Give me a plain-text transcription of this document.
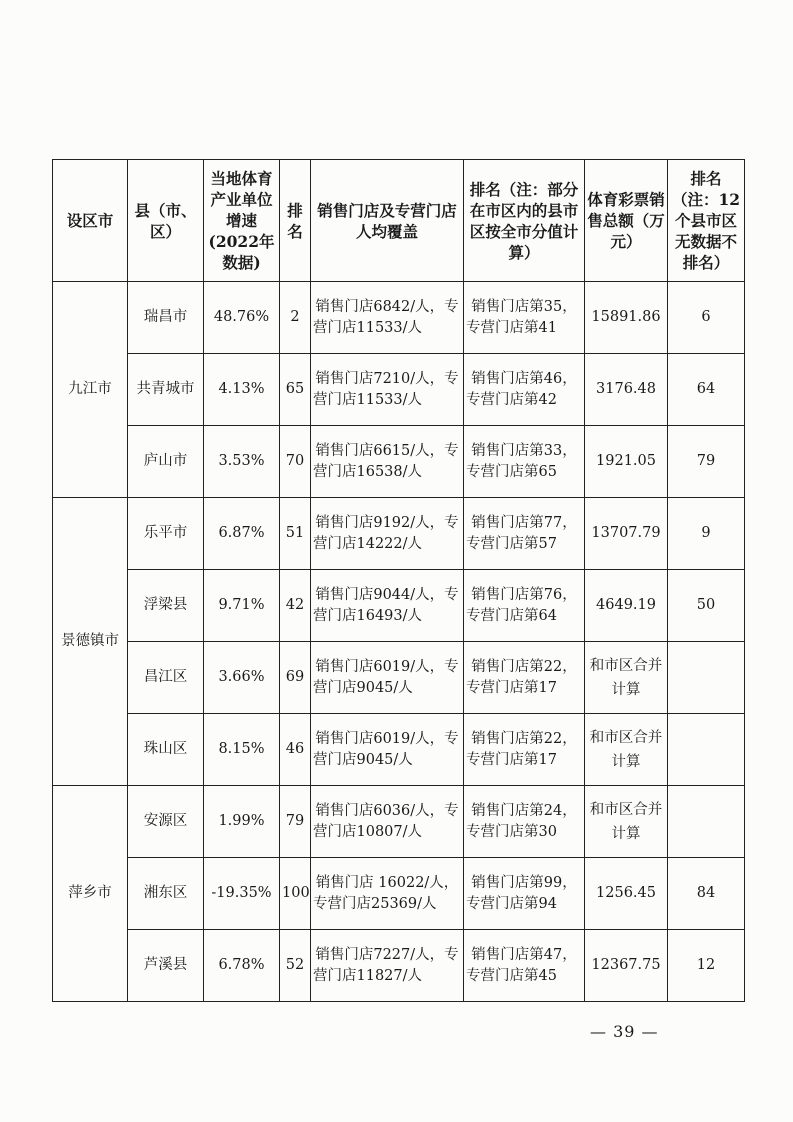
设区市	县（市、区）	当地体育产业单位增速(2022年数据)	排名	销售门店及专营门店人均覆盖	排名（注：部分在市区内的县市区按全市分值计算）	体育彩票销售总额（万元）	排名（注：12个县市区无数据不排名）
九江市	瑞昌市	48.76%	2	销售门店6842/人，专营门店11533/人	销售门店第35，专营门店第41	15891.86	6
	共青城市	4.13%	65	销售门店7210/人，专营门店11533/人	销售门店第46，专营门店第42	3176.48	64
	庐山市	3.53%	70	销售门店6615/人，专营门店16538/人	销售门店第33，专营门店第65	1921.05	79
景德镇市	乐平市	6.87%	51	销售门店9192/人，专营门店14222/人	销售门店第77，专营门店第57	13707.79	9
	浮梁县	9.71%	42	销售门店9044/人，专营门店16493/人	销售门店第76，专营门店第64	4649.19	50
	昌江区	3.66%	69	销售门店6019/人，专营门店9045/人	销售门店第22，专营门店第17	和市区合并计算	
	珠山区	8.15%	46	销售门店6019/人，专营门店9045/人	销售门店第22，专营门店第17	和市区合并计算	
萍乡市	安源区	1.99%	79	销售门店6036/人，专营门店10807/人	销售门店第24，专营门店第30	和市区合并计算	
	湘东区	-19.35%	100	销售门店 16022/人， 专营门店25369/人	销售门店第99，专营门店第94	1256.45	84
	芦溪县	6.78%	52	销售门店7227/人，专营门店11827/人	销售门店第47，专营门店第45	12367.75	12
— 39 —
